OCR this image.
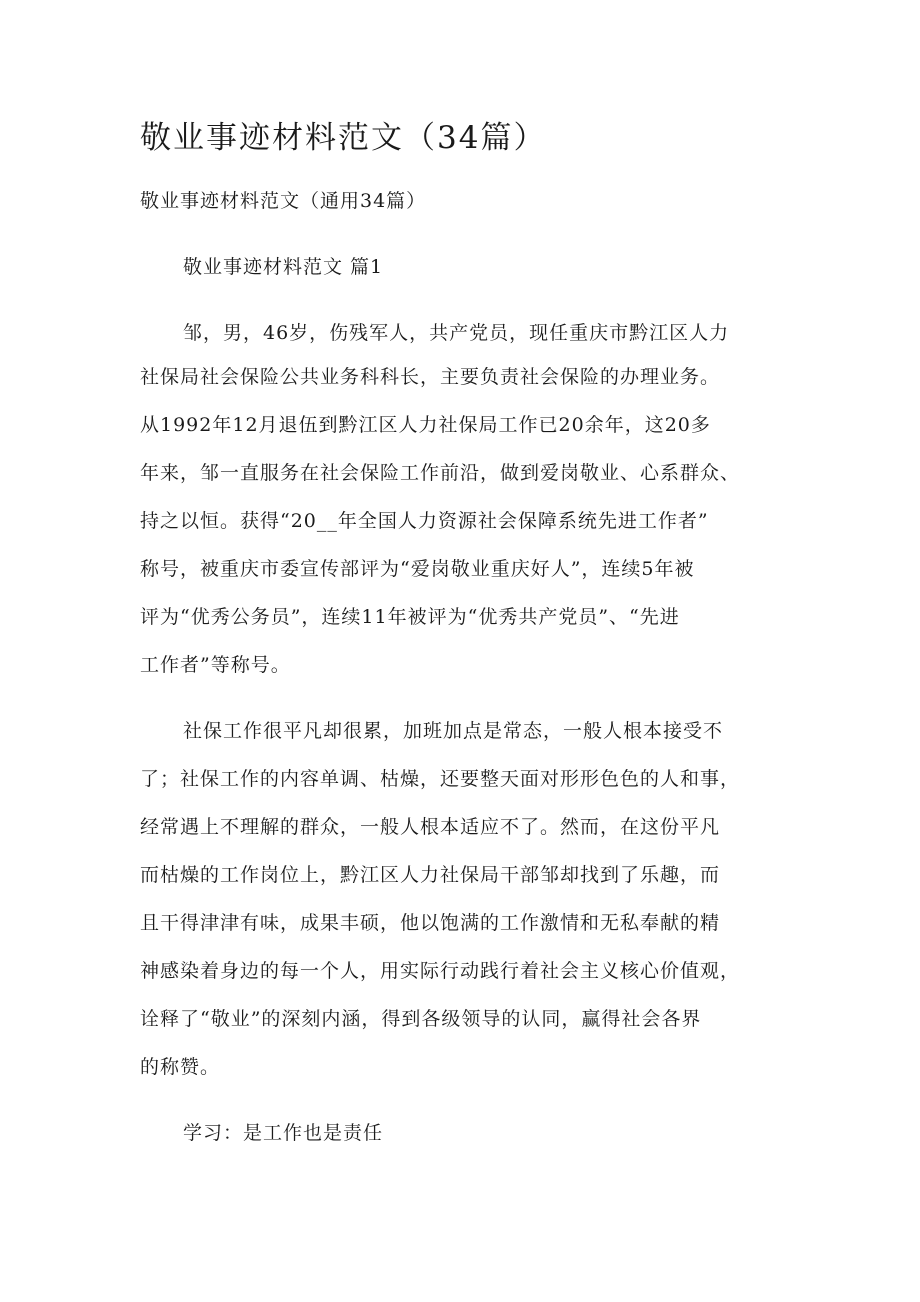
敬业事迹材料范文（34篇）

敬业事迹材料范文（通用34篇）

敬业事迹材料范文 篇1

邹，男，46岁，伤残军人，共产党员，现任重庆市黔江区人力

社保局社会保险公共业务科科长，主要负责社会保险的办理业务。

从1992年12月退伍到黔江区人力社保局工作已20余年，这20多

年来，邹一直服务在社会保险工作前沿，做到爱岗敬业、心系群众、

持之以恒。获得“20__年全国人力资源社会保障系统先进工作者”

称号，被重庆市委宣传部评为“爱岗敬业重庆好人”，连续5年被

评为“优秀公务员”，连续11年被评为“优秀共产党员”、“先进

工作者”等称号。

社保工作很平凡却很累，加班加点是常态，一般人根本接受不

了；社保工作的内容单调、枯燥，还要整天面对形形色色的人和事，

经常遇上不理解的群众，一般人根本适应不了。然而，在这份平凡

而枯燥的工作岗位上，黔江区人力社保局干部邹却找到了乐趣，而

且干得津津有味，成果丰硕，他以饱满的工作激情和无私奉献的精

神感染着身边的每一个人，用实际行动践行着社会主义核心价值观，

诠释了“敬业”的深刻内涵，得到各级领导的认同，赢得社会各界

的称赞。

学习：是工作也是责任
